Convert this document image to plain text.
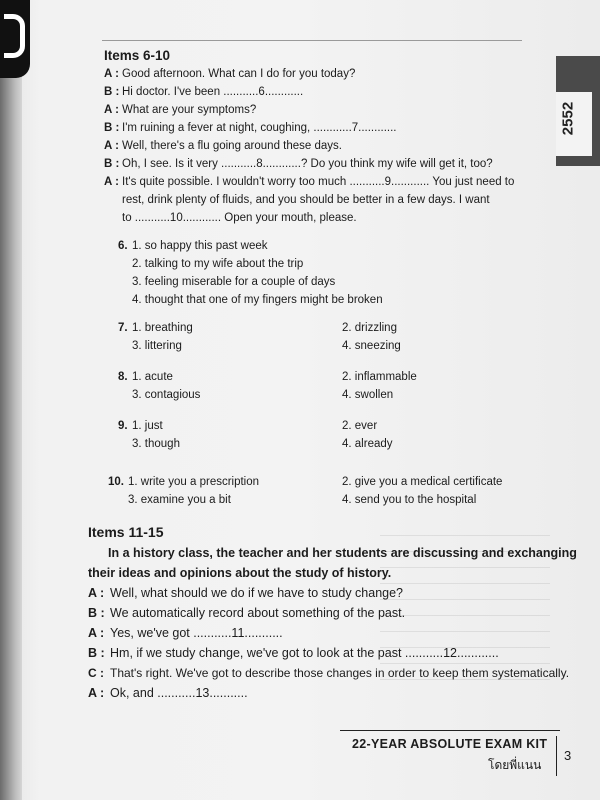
2552
Items 6-10
A : Good afternoon. What can I do for you today?
B : Hi doctor. I've been ...........6............
A : What are your symptoms?
B : I'm ruining a fever at night, coughing, ............7............
A : Well, there's a flu going around these days.
B : Oh, I see. Is it very ...........8............? Do you think my wife will get it, too?
A : It's quite possible. I wouldn't worry too much ...........9............ You just need to
rest, drink plenty of fluids, and you should be better in a few days. I want
to ...........10............ Open your mouth, please.
6. 1. so happy this past week
2. talking to my wife about the trip
3. feeling miserable for a couple of days
4. thought that one of my fingers might be broken
7. 1. breathing	2. drizzling
3. littering	4. sneezing
8. 1. acute	2. inflammable
3. contagious	4. swollen
9. 1. just	2. ever
3. though	4. already
10. 1. write you a prescription	2. give you a medical certificate
3. examine you a bit	4. send you to the hospital
Items 11-15
In a history class, the teacher and her students are discussing and exchanging
their ideas and opinions about the study of history.
A : Well, what should we do if we have to study change?
B : We automatically record about something of the past.
A : Yes, we've got ...........11...........
B : Hm, if we study change, we've got to look at the past ...........12............
C : That's right. We've got to describe those changes in order to keep them systematically.
A : Ok, and ...........13...........
22-YEAR ABSOLUTE EXAM KIT
โดยพี่แนน
3
